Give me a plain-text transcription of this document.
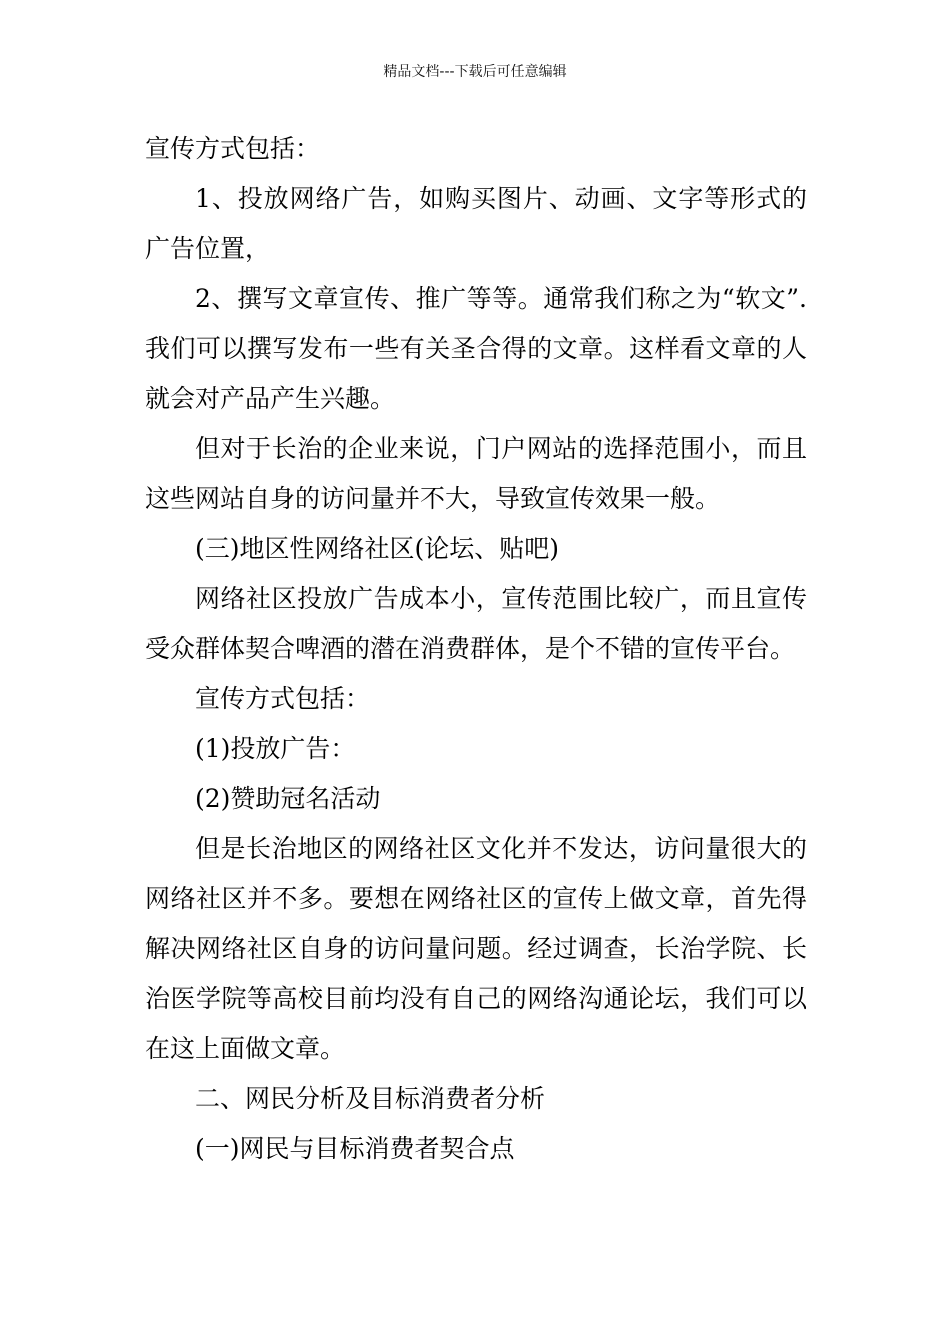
精品文档---下载后可任意编辑

宣传方式包括：

1、投放网络广告，如购买图片、动画、文字等形式的广告位置，

2、撰写文章宣传、推广等等。通常我们称之为“软文”.我们可以撰写发布一些有关圣合得的文章。这样看文章的人就会对产品产生兴趣。

但对于长治的企业来说，门户网站的选择范围小，而且这些网站自身的访问量并不大，导致宣传效果一般。

(三)地区性网络社区(论坛、贴吧)

网络社区投放广告成本小，宣传范围比较广，而且宣传受众群体契合啤酒的潜在消费群体，是个不错的宣传平台。

宣传方式包括：

(1)投放广告：

(2)赞助冠名活动

但是长治地区的网络社区文化并不发达，访问量很大的网络社区并不多。要想在网络社区的宣传上做文章，首先得解决网络社区自身的访问量问题。经过调查，长治学院、长治医学院等高校目前均没有自己的网络沟通论坛，我们可以在这上面做文章。

二、网民分析及目标消费者分析

(一)网民与目标消费者契合点
